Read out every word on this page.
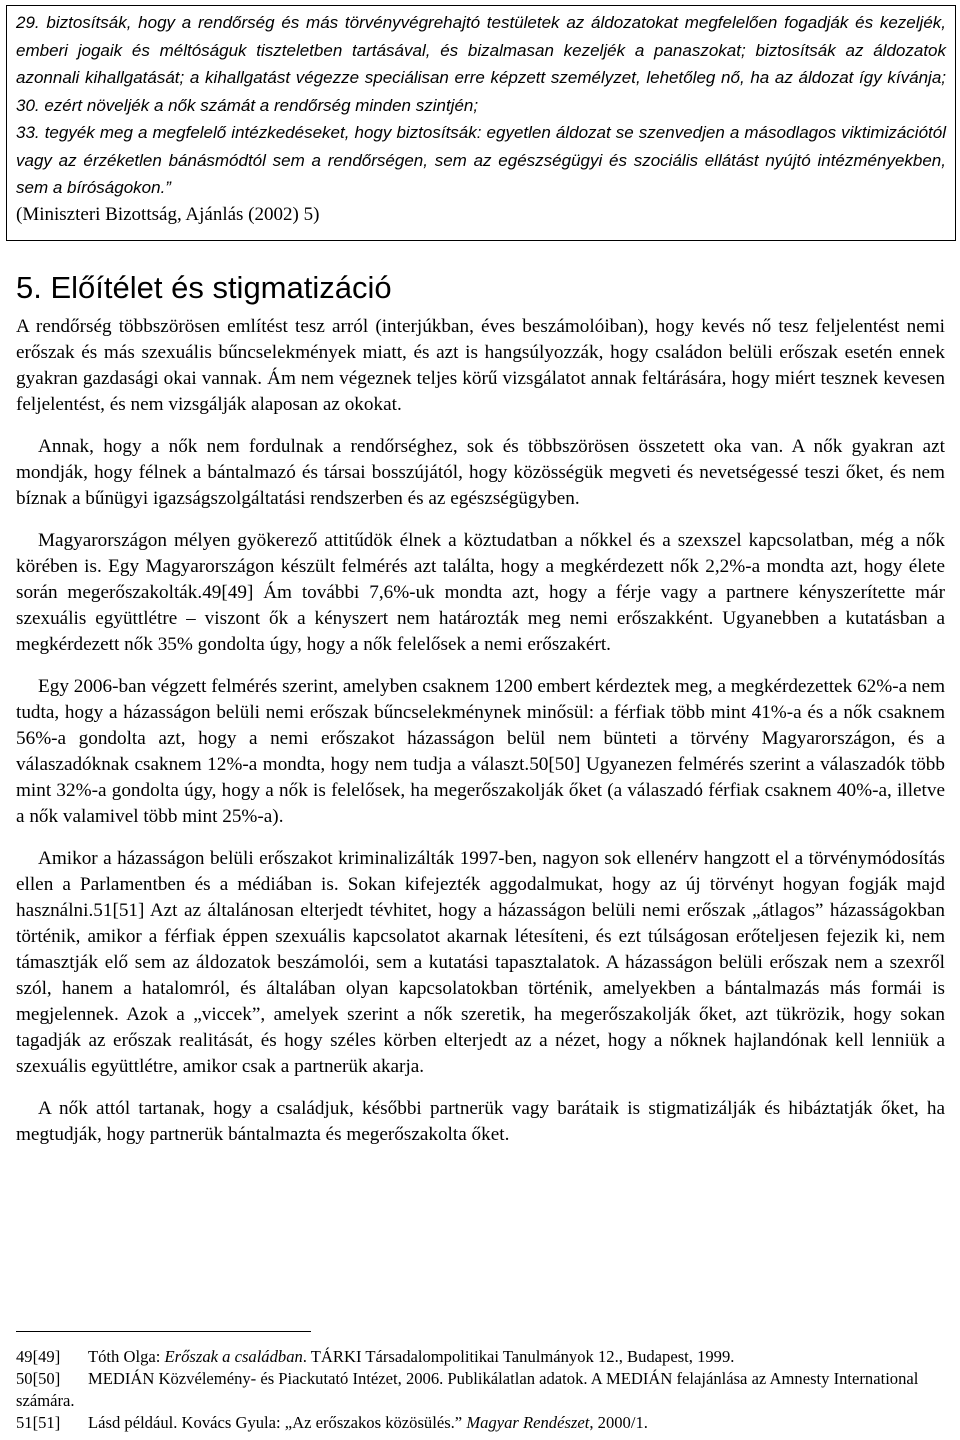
29. biztosítsák, hogy a rendőrség és más törvényvégrehajtó testületek az áldozatokat megfelelően fogadják és kezeljék, emberi jogaik és méltóságuk tiszteletben tartásával, és bizalmasan kezeljék a panaszokat; biztosítsák az áldozatok azonnali kihallgatását; a kihallgatást végezze speciálisan erre képzett személyzet, lehetőleg nő, ha az áldozat így kívánja;

30. ezért növeljék a nők számát a rendőrség minden szintjén;

33. tegyék meg a megfelelő intézkedéseket, hogy biztosítsák: egyetlen áldozat se szenvedjen a másodlagos viktimizációtól vagy az érzéketlen bánásmódtól sem a rendőrségen, sem az egészségügyi és szociális ellátást nyújtó intézményekben, sem a bíróságokon.”

(Miniszteri Bizottság, Ajánlás (2002) 5)

5. Előítélet és stigmatizáció

A rendőrség többszörösen említést tesz arról (interjúkban, éves beszámolóiban), hogy kevés nő tesz feljelentést nemi erőszak és más szexuális bűncselekmények miatt, és azt is hangsúlyozzák, hogy családon belüli erőszak esetén ennek gyakran gazdasági okai vannak. Ám nem végeznek teljes körű vizsgálatot annak feltárására, hogy miért tesznek kevesen feljelentést, és nem vizsgálják alaposan az okokat.

Annak, hogy a nők nem fordulnak a rendőrséghez, sok és többszörösen összetett oka van. A nők gyakran azt mondják, hogy félnek a bántalmazó és társai bosszújától, hogy közösségük megveti és nevetségessé teszi őket, és nem bíznak a bűnügyi igazságszolgáltatási rendszerben és az egészségügyben.

Magyarországon mélyen gyökerező attitűdök élnek a köztudatban a nőkkel és a szexszel kapcsolatban, még a nők körében is. Egy Magyarországon készült felmérés azt találta, hogy a megkérdezett nők 2,2%-a mondta azt, hogy élete során megerőszakolták.49[49] Ám további 7,6%-uk mondta azt, hogy a férje vagy a partnere kényszerítette már szexuális együttlétre – viszont ők a kényszert nem határozták meg nemi erőszakként. Ugyanebben a kutatásban a megkérdezett nők 35% gondolta úgy, hogy a nők felelősek a nemi erőszakért.

Egy 2006-ban végzett felmérés szerint, amelyben csaknem 1200 embert kérdeztek meg, a megkérdezettek 62%-a nem tudta, hogy a házasságon belüli nemi erőszak bűncselekménynek minősül: a férfiak több mint 41%-a és a nők csaknem 56%-a gondolta azt, hogy a nemi erőszakot házasságon belül nem bünteti a törvény Magyarországon, és a válaszadóknak csaknem 12%-a mondta, hogy nem tudja a választ.50[50] Ugyanezen felmérés szerint a válaszadók több mint 32%-a gondolta úgy, hogy a nők is felelősek, ha megerőszakolják őket (a válaszadó férfiak csaknem 40%-a, illetve a nők valamivel több mint 25%-a).

Amikor a házasságon belüli erőszakot kriminalizálták 1997-ben, nagyon sok ellenérv hangzott el a törvénymódosítás ellen a Parlamentben és a médiában is. Sokan kifejezték aggodalmukat, hogy az új törvényt hogyan fogják majd használni.51[51] Azt az általánosan elterjedt tévhitet, hogy a házasságon belüli nemi erőszak „átlagos” házasságokban történik, amikor a férfiak éppen szexuális kapcsolatot akarnak létesíteni, és ezt túlságosan erőteljesen fejezik ki, nem támasztják elő sem az áldozatok beszámolói, sem a kutatási tapasztalatok. A házasságon belüli erőszak nem a szexről szól, hanem a hatalomról, és általában olyan kapcsolatokban történik, amelyekben a bántalmazás más formái is megjelennek. Azok a „viccek”, amelyek szerint a nők szeretik, ha megerőszakolják őket, azt tükrözik, hogy sokan tagadják az erőszak realitását, és hogy széles körben elterjedt az a nézet, hogy a nőknek hajlandónak kell lenniük a szexuális együttlétre, amikor csak a partnerük akarja.

A nők attól tartanak, hogy a családjuk, későbbi partnerük vagy barátaik is stigmatizálják és hibáztatják őket, ha megtudják, hogy partnerük bántalmazta és megerőszakolta őket.

49[49] Tóth Olga: Erőszak a családban. TÁRKI Társadalompolitikai Tanulmányok 12., Budapest, 1999.

50[50] MEDIÁN Közvélemény- és Piackutató Intézet, 2006. Publikálatlan adatok. A MEDIÁN felajánlása az Amnesty International számára.

51[51] Lásd például. Kovács Gyula: „Az erőszakos közösülés.” Magyar Rendészet, 2000/1.
